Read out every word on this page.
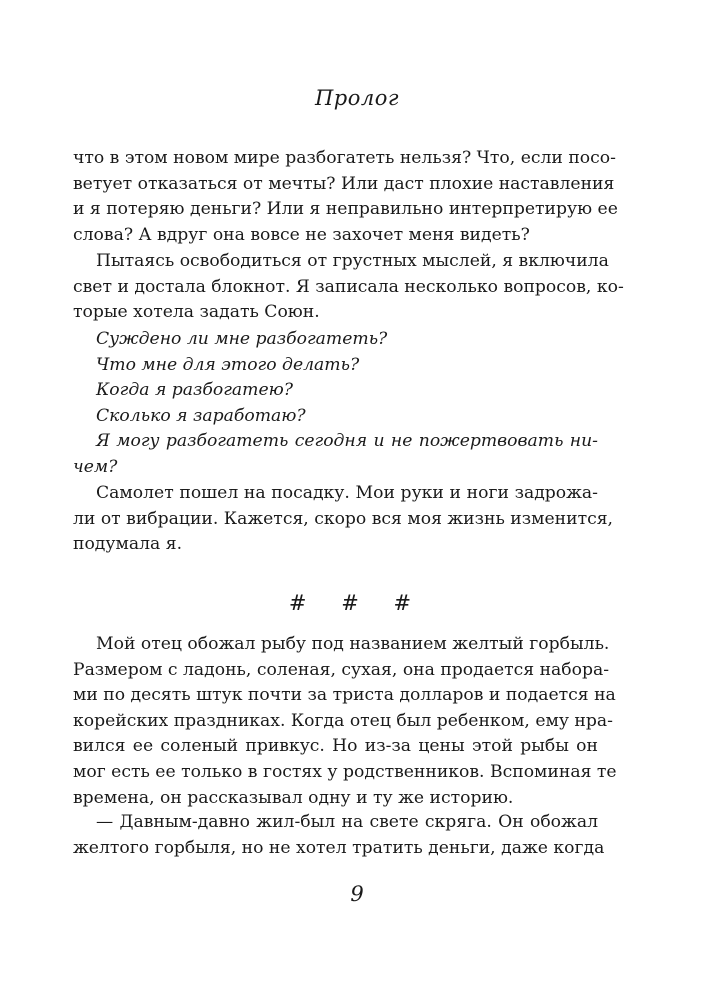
Пролог
что в этом новом мире разбогатеть нельзя? Что, если посо-
ветует отказаться от мечты? Или даст плохие наставления
и я потеряю деньги? Или я неправильно интерпретирую ее
слова? А вдруг она вовсе не захочет меня видеть?
Пытаясь освободиться от грустных мыслей, я включила
свет и достала блокнот. Я записала несколько вопросов, ко-
торые хотела задать Союн.
Суждено ли мне разбогатеть?
Что мне для этого делать?
Когда я разбогатею?
Сколько я заработаю?
Я могу разбогатеть сегодня и не пожертвовать ни-
чем?
Самолет пошел на посадку. Мои руки и ноги задрожа-
ли от вибрации. Кажется, скоро вся моя жизнь изменится,
подумала я.
# # #
Мой отец обожал рыбу под названием желтый горбыль.
Размером с ладонь, соленая, сухая, она продается набора-
ми по десять штук почти за триста долларов и подается на
корейских праздниках. Когда отец был ребенком, ему нра-
вился ее соленый привкус. Но из-за цены этой рыбы он
мог есть ее только в гостях у родственников. Вспоминая те
времена, он рассказывал одну и ту же историю.
— Давным-давно жил-был на свете скряга. Он обожал
желтого горбыля, но не хотел тратить деньги, даже когда
9
